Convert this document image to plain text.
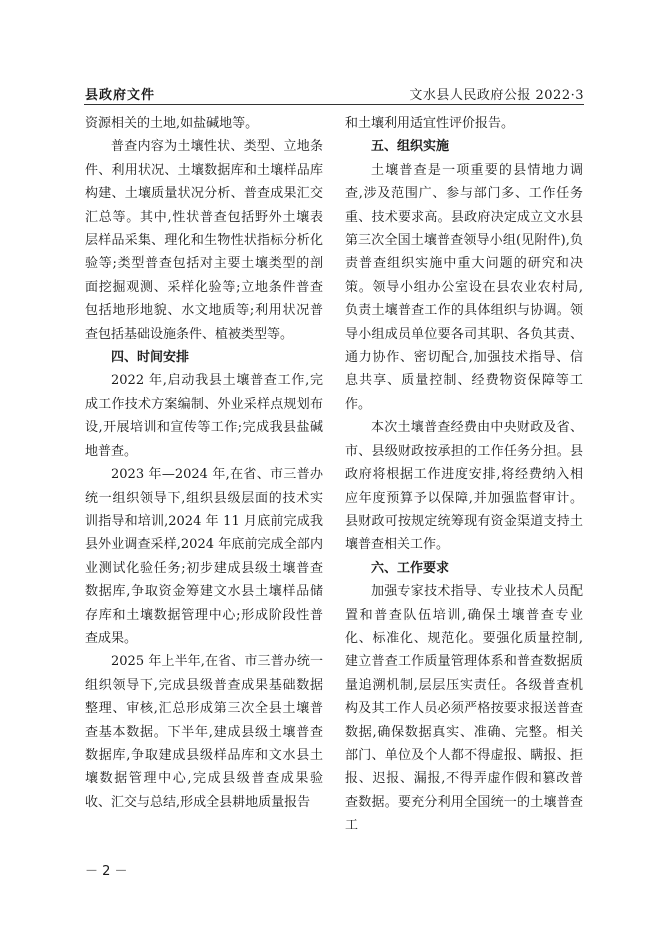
县政府文件	文水县人民政府公报 2022·3

资源相关的土地,如盐碱地等。

普查内容为土壤性状、类型、立地条件、利用状况、土壤数据库和土壤样品库构建、土壤质量状况分析、普查成果汇交汇总等。其中,性状普查包括野外土壤表层样品采集、理化和生物性状指标分析化验等;类型普查包括对主要土壤类型的剖面挖掘观测、采样化验等;立地条件普查包括地形地貌、水文地质等;利用状况普查包括基础设施条件、植被类型等。

四、时间安排

2022 年,启动我县土壤普查工作,完成工作技术方案编制、外业采样点规划布设,开展培训和宣传等工作;完成我县盐碱地普查。

2023 年—2024 年,在省、市三普办统一组织领导下,组织县级层面的技术实训指导和培训,2024 年 11 月底前完成我县外业调查采样,2024 年底前完成全部内业测试化验任务;初步建成县级土壤普查数据库,争取资金筹建文水县土壤样品储存库和土壤数据管理中心;形成阶段性普查成果。

2025 年上半年,在省、市三普办统一组织领导下,完成县级普查成果基础数据整理、审核,汇总形成第三次全县土壤普查基本数据。下半年,建成县级土壤普查数据库,争取建成县级样品库和文水县土壤数据管理中心,完成县级普查成果验收、汇交与总结,形成全县耕地质量报告

和土壤利用适宜性评价报告。

五、组织实施

土壤普查是一项重要的县情地力调查,涉及范围广、参与部门多、工作任务重、技术要求高。县政府决定成立文水县第三次全国土壤普查领导小组(见附件),负责普查组织实施中重大问题的研究和决策。领导小组办公室设在县农业农村局,负责土壤普查工作的具体组织与协调。领导小组成员单位要各司其职、各负其责、通力协作、密切配合,加强技术指导、信息共享、质量控制、经费物资保障等工作。

本次土壤普查经费由中央财政及省、市、县级财政按承担的工作任务分担。县政府将根据工作进度安排,将经费纳入相应年度预算予以保障,并加强监督审计。县财政可按规定统筹现有资金渠道支持土壤普查相关工作。

六、工作要求

加强专家技术指导、专业技术人员配置和普查队伍培训,确保土壤普查专业化、标准化、规范化。要强化质量控制,建立普查工作质量管理体系和普查数据质量追溯机制,层层压实责任。各级普查机构及其工作人员必须严格按要求报送普查数据,确保数据真实、准确、完整。相关部门、单位及个人都不得虚报、瞒报、拒报、迟报、漏报,不得弄虚作假和篡改普查数据。要充分利用全国统一的土壤普查工

－ 2 －
